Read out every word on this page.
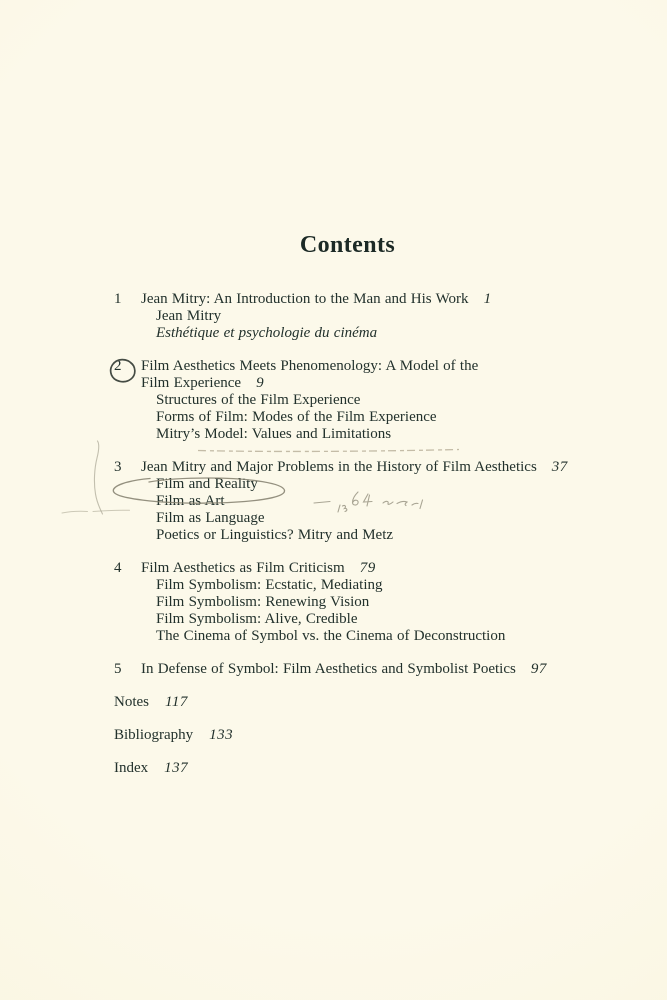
Contents
1 Jean Mitry: An Introduction to the Man and His Work 1
Jean Mitry
Esthétique et psychologie du cinéma
2 Film Aesthetics Meets Phenomenology: A Model of the
Film Experience 9
Structures of the Film Experience
Forms of Film: Modes of the Film Experience
Mitry’s Model: Values and Limitations
3 Jean Mitry and Major Problems in the History of Film Aesthetics 37
Film and Reality
Film as Art
Film as Language
Poetics or Linguistics? Mitry and Metz
4 Film Aesthetics as Film Criticism 79
Film Symbolism: Ecstatic, Mediating
Film Symbolism: Renewing Vision
Film Symbolism: Alive, Credible
The Cinema of Symbol vs. the Cinema of Deconstruction
5 In Defense of Symbol: Film Aesthetics and Symbolist Poetics 97
Notes 117
Bibliography 133
Index 137
